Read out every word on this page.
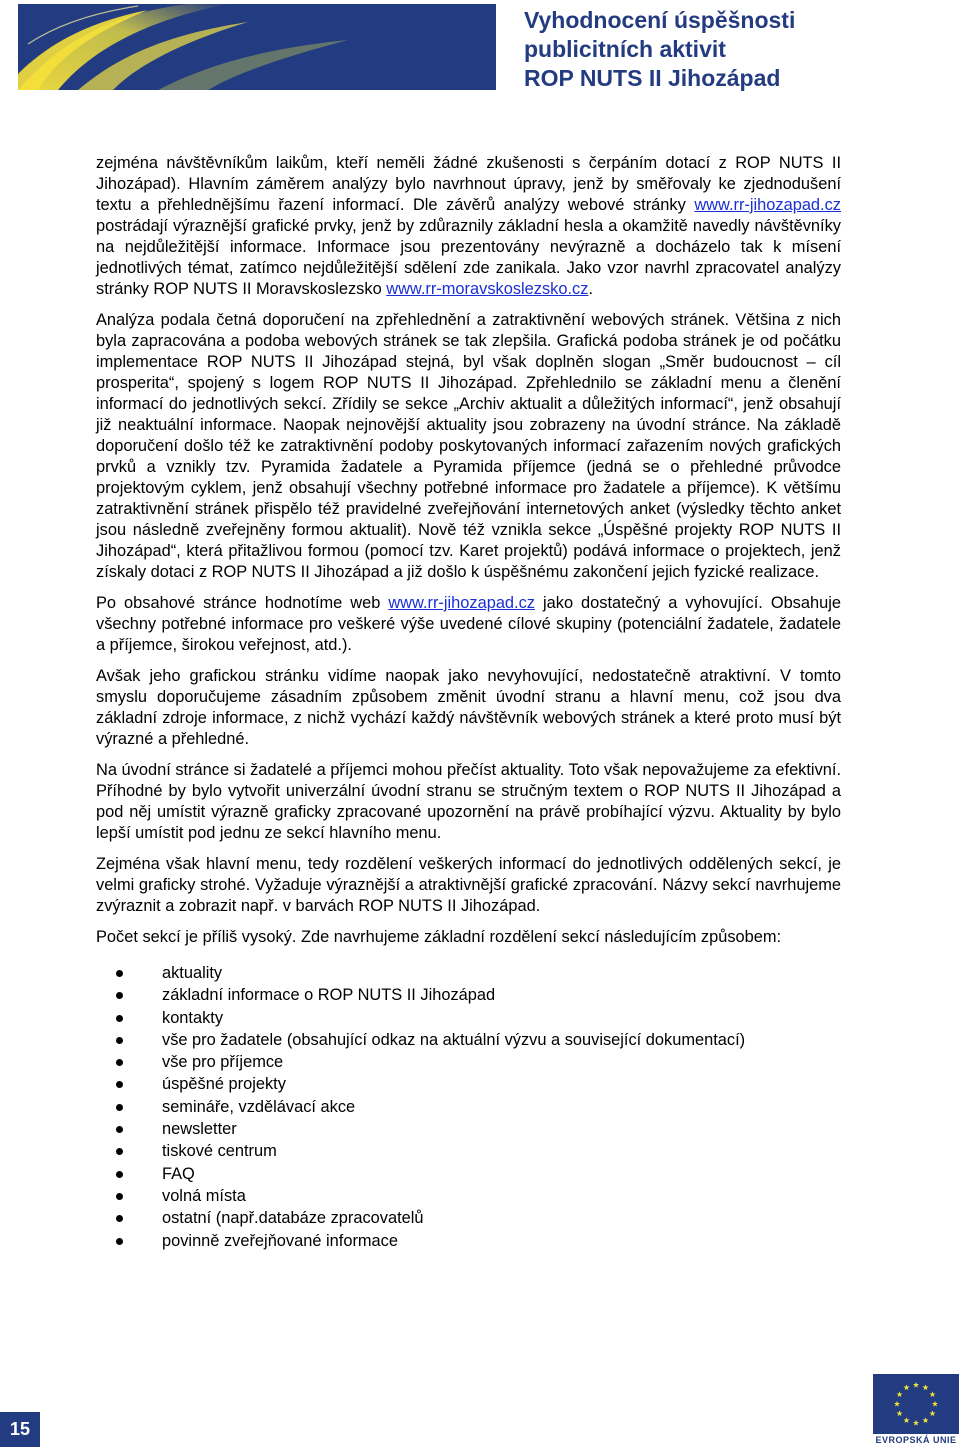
Vyhodnocení úspěšnosti
publicitních aktivit
ROP NUTS II Jihozápad

zejména návštěvníkům laikům, kteří neměli žádné zkušenosti s čerpáním dotací z ROP NUTS II Jihozápad). Hlavním záměrem analýzy bylo navrhnout úpravy, jenž by směřovaly ke zjednodušení textu a přehlednějšímu řazení informací. Dle závěrů analýzy webové stránky www.rr-jihozapad.cz postrádají výraznější grafické prvky, jenž by zdůraznily základní hesla a okamžitě navedly návštěvníky na nejdůležitější informace. Informace jsou prezentovány nevýrazně a docházelo tak k mísení jednotlivých témat, zatímco nejdůležitější sdělení zde zanikala. Jako vzor navrhl zpracovatel analýzy stránky ROP NUTS II Moravskoslezsko www.rr-moravskoslezsko.cz.

Analýza podala četná doporučení na zpřehlednění a zatraktivnění webových stránek. Většina z nich byla zapracována a podoba webových stránek se tak zlepšila. Grafická podoba stránek je od počátku implementace ROP NUTS II Jihozápad stejná, byl však doplněn slogan „Směr budoucnost – cíl prosperita“, spojený s logem ROP NUTS II Jihozápad. Zpřehlednilo se základní menu a členění informací do jednotlivých sekcí. Zřídily se sekce „Archiv aktualit a důležitých informací“, jenž obsahují již neaktuální informace. Naopak nejnovější aktuality jsou zobrazeny na úvodní stránce. Na základě doporučení došlo též ke zatraktivnění podoby poskytovaných informací zařazením nových grafických prvků a vznikly tzv. Pyramida žadatele a Pyramida příjemce (jedná se o přehledné průvodce projektovým cyklem, jenž obsahují všechny potřebné informace pro žadatele a příjemce). K většímu zatraktivnění stránek přispělo též pravidelné zveřejňování internetových anket (výsledky těchto anket jsou následně zveřejněny formou aktualit). Nově též vznikla sekce „Úspěšné projekty ROP NUTS II Jihozápad“, která přitažlivou formou (pomocí tzv. Karet projektů) podává informace o projektech, jenž získaly dotaci z ROP NUTS II Jihozápad a již došlo k úspěšnému zakončení jejich fyzické realizace.

Po obsahové stránce hodnotíme web www.rr-jihozapad.cz jako dostatečný a vyhovující. Obsahuje všechny potřebné informace pro veškeré výše uvedené cílové skupiny (potenciální žadatele, žadatele a příjemce, širokou veřejnost, atd.).

Avšak jeho grafickou stránku vidíme naopak jako nevyhovující, nedostatečně atraktivní. V tomto smyslu doporučujeme zásadním způsobem změnit úvodní stranu a hlavní menu, což jsou dva základní zdroje informace, z nichž vychází každý návštěvník webových stránek a které proto musí být výrazné a přehledné.

Na úvodní stránce si žadatelé a příjemci mohou přečíst aktuality. Toto však nepovažujeme za efektivní. Příhodné by bylo vytvořit univerzální úvodní stranu se stručným textem o ROP NUTS II Jihozápad a pod něj umístit výrazně graficky zpracované upozornění na právě probíhající výzvu. Aktuality by bylo lepší umístit pod jednu ze sekcí hlavního menu.

Zejména však hlavní menu, tedy rozdělení veškerých informací do jednotlivých oddělených sekcí, je velmi graficky strohé. Vyžaduje výraznější a atraktivnější grafické zpracování. Názvy sekcí navrhujeme zvýraznit a zobrazit např. v barvách ROP NUTS II Jihozápad.

Počet sekcí je příliš vysoký. Zde navrhujeme základní rozdělení sekcí následujícím způsobem:

aktuality
základní informace o ROP NUTS II Jihozápad
kontakty
vše pro žadatele (obsahující odkaz na aktuální výzvu a související dokumentací)
vše pro příjemce
úspěšné projekty
semináře, vzdělávací akce
newsletter
tiskové centrum
FAQ
volná místa
ostatní (např.databáze zpracovatelů
povinně zveřejňované informace
15
EVROPSKÁ UNIE
